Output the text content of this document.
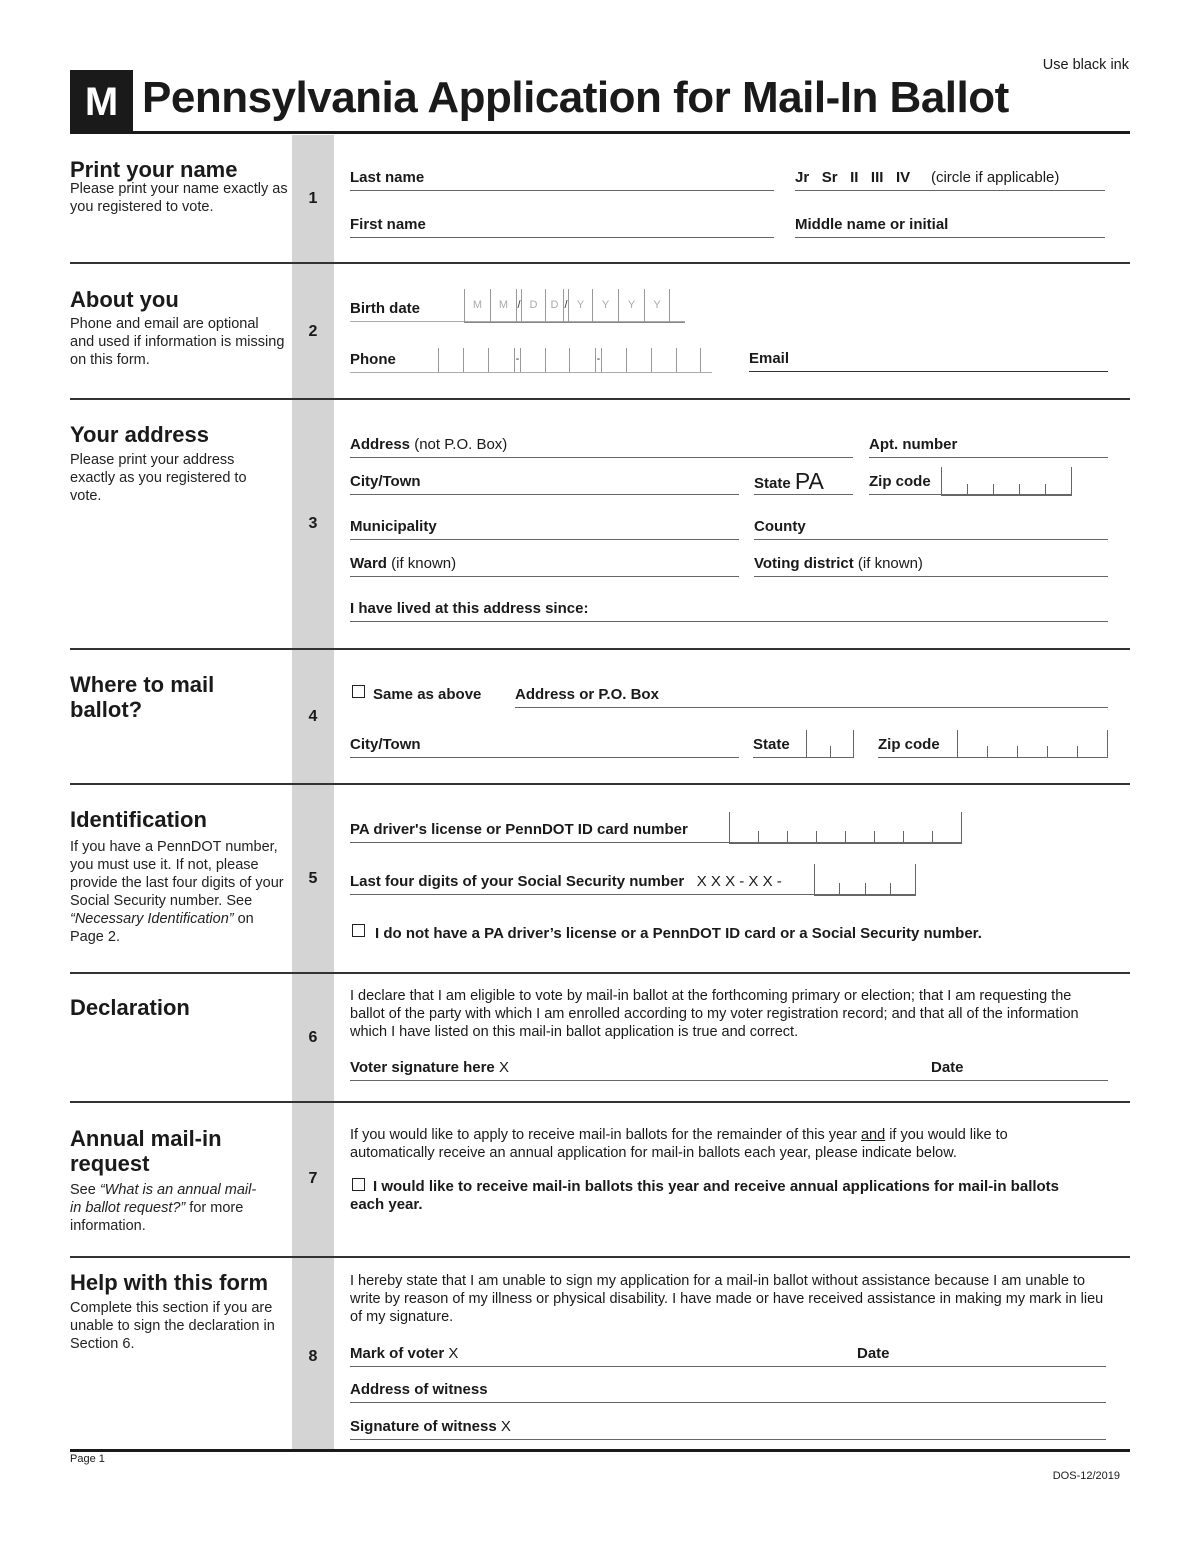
Use black ink
M Pennsylvania Application for Mail-In Ballot
Print your name
Please print your name exactly as you registered to vote.	1
Last name	Jr Sr II III IV (circle if applicable)
First name	Middle name or initial
About you
Phone and email are optional and used if information is missing on this form.
2
Birth date	M	M / D	D / Y	Y	Y	Y
Phone	-	-	Email
Your address
Please print your address exactly as you registered to vote.
3
Address (not P.O. Box)	Apt. number
City/Town	State PA	Zip code
Municipality	County
Ward (if known)	Voting district (if known)
I have lived at this address since:
Where to mail ballot?	4
Same as above Address or P.O. Box
City/Town	State	Zip code
Identification
If you have a PennDOT number, you must use it. If not, please provide the last four digits of your Social Security number. See “Necessary Identification” on Page 2.
5
PA driver's license or PennDOT ID card number
Last four digits of your Social Security number X X X - X X -
I do not have a PA driver’s license or a PennDOT ID card or a Social Security number.
Declaration
6
I declare that I am eligible to vote by mail-in ballot at the forthcoming primary or election; that I am requesting the ballot of the party with which I am enrolled according to my voter registration record; and that all of the information which I have listed on this mail-in ballot application is true and correct.
Voter signature here X	Date
Annual mail-in request
See “What is an annual mail-in ballot request?” for more information.
7
If you would like to apply to receive mail-in ballots for the remainder of this year and if you would like to automatically receive an annual application for mail-in ballots each year, please indicate below.
I would like to receive mail-in ballots this year and receive annual applications for mail-in ballots each year.
Help with this form
Complete this section if you are unable to sign the declaration in Section 6.
8
I hereby state that I am unable to sign my application for a mail-in ballot without assistance because I am unable to write by reason of my illness or physical disability. I have made or have received assistance in making my mark in lieu of my signature.
Mark of voter X	Date
Address of witness
Signature of witness X
Page 1
DOS-12/2019
